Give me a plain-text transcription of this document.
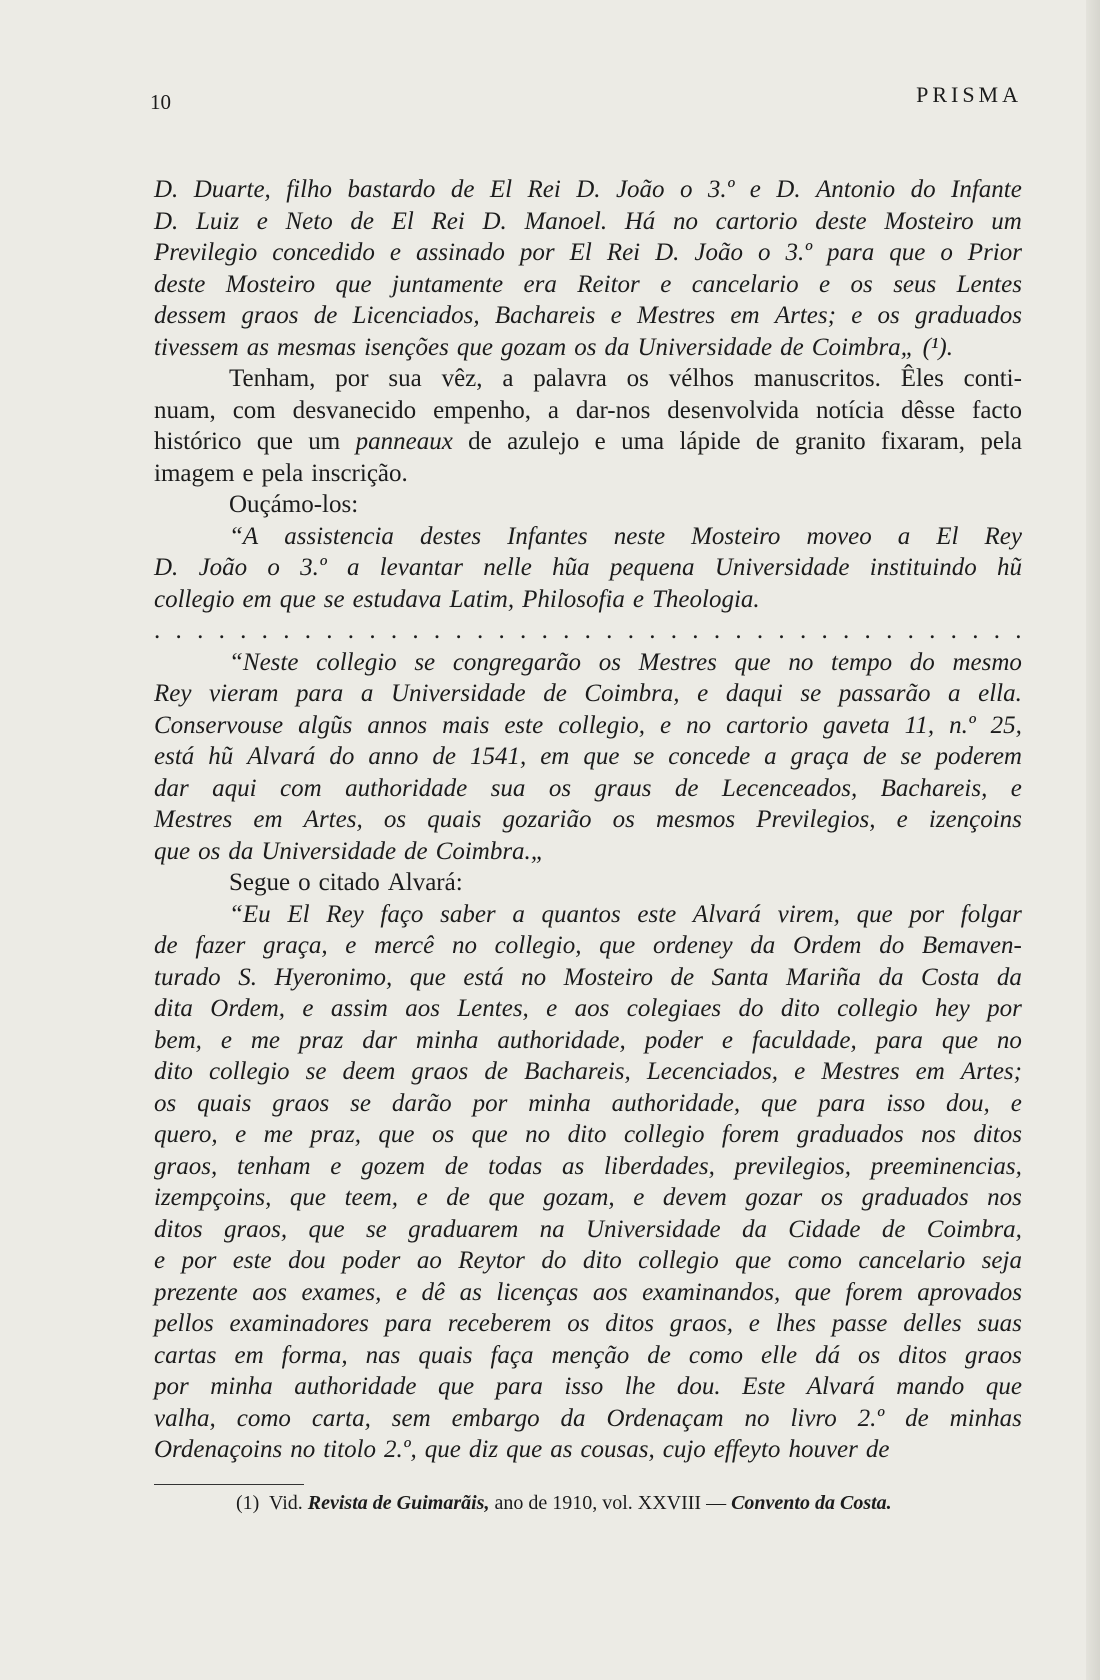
10	PRISMA
D. Duarte, filho bastardo de El Rei D. João o 3.º e D. Antonio do Infante
D. Luiz e Neto de El Rei D. Manoel. Há no cartorio deste Mosteiro um
Previlegio concedido e assinado por El Rei D. João o 3.º para que o Prior
deste Mosteiro que juntamente era Reitor e cancelario e os seus Lentes
dessem graos de Licenciados, Bachareis e Mestres em Artes; e os graduados
tivessem as mesmas isenções que gozam os da Universidade de Coimbra„ (¹).
Tenham, por sua vêz, a palavra os vélhos manuscritos. Êles conti-
nuam, com desvanecido empenho, a dar-nos desenvolvida notícia dêsse facto
histórico que um panneaux de azulejo e uma lápide de granito fixaram, pela
imagem e pela inscrição.
Ouçámo-los:
“A assistencia destes Infantes neste Mosteiro moveo a El Rey
D. João o 3.º a levantar nelle hũa pequena Universidade instituindo hũ
collegio em que se estudava Latim, Philosofia e Theologia.
. . . . . . . . . . . . . . . . . . . . . . . . . . . . . . . . . . . . . . . . .
“Neste collegio se congregarão os Mestres que no tempo do mesmo
Rey vieram para a Universidade de Coimbra, e daqui se passarão a ella.
Conservouse algũs annos mais este collegio, e no cartorio gaveta 11, n.º 25,
está hũ Alvará do anno de 1541, em que se concede a graça de se poderem
dar aqui com authoridade sua os graus de Lecenceados, Bachareis, e
Mestres em Artes, os quais gozarião os mesmos Previlegios, e izençoins
que os da Universidade de Coimbra.„
Segue o citado Alvará:
“Eu El Rey faço saber a quantos este Alvará virem, que por folgar
de fazer graça, e mercê no collegio, que ordeney da Ordem do Bemaven-
turado S. Hyeronimo, que está no Mosteiro de Santa Mariña da Costa da
dita Ordem, e assim aos Lentes, e aos colegiaes do dito collegio hey por
bem, e me praz dar minha authoridade, poder e faculdade, para que no
dito collegio se deem graos de Bachareis, Lecenciados, e Mestres em Artes;
os quais graos se darão por minha authoridade, que para isso dou, e
quero, e me praz, que os que no dito collegio forem graduados nos ditos
graos, tenham e gozem de todas as liberdades, previlegios, preeminencias,
izempçoins, que teem, e de que gozam, e devem gozar os graduados nos
ditos graos, que se graduarem na Universidade da Cidade de Coimbra,
e por este dou poder ao Reytor do dito collegio que como cancelario seja
prezente aos exames, e dê as licenças aos examinandos, que forem aprovados
pellos examinadores para receberem os ditos graos, e lhes passe delles suas
cartas em forma, nas quais faça menção de como elle dá os ditos graos
por minha authoridade que para isso lhe dou. Este Alvará mando que
valha, como carta, sem embargo da Ordenaçam no livro 2.º de minhas
Ordenaçoins no titolo 2.º, que diz que as cousas, cujo effeyto houver de
(1) Vid. Revista de Guimarãis, ano de 1910, vol. XXVIII — Convento da Costa.
